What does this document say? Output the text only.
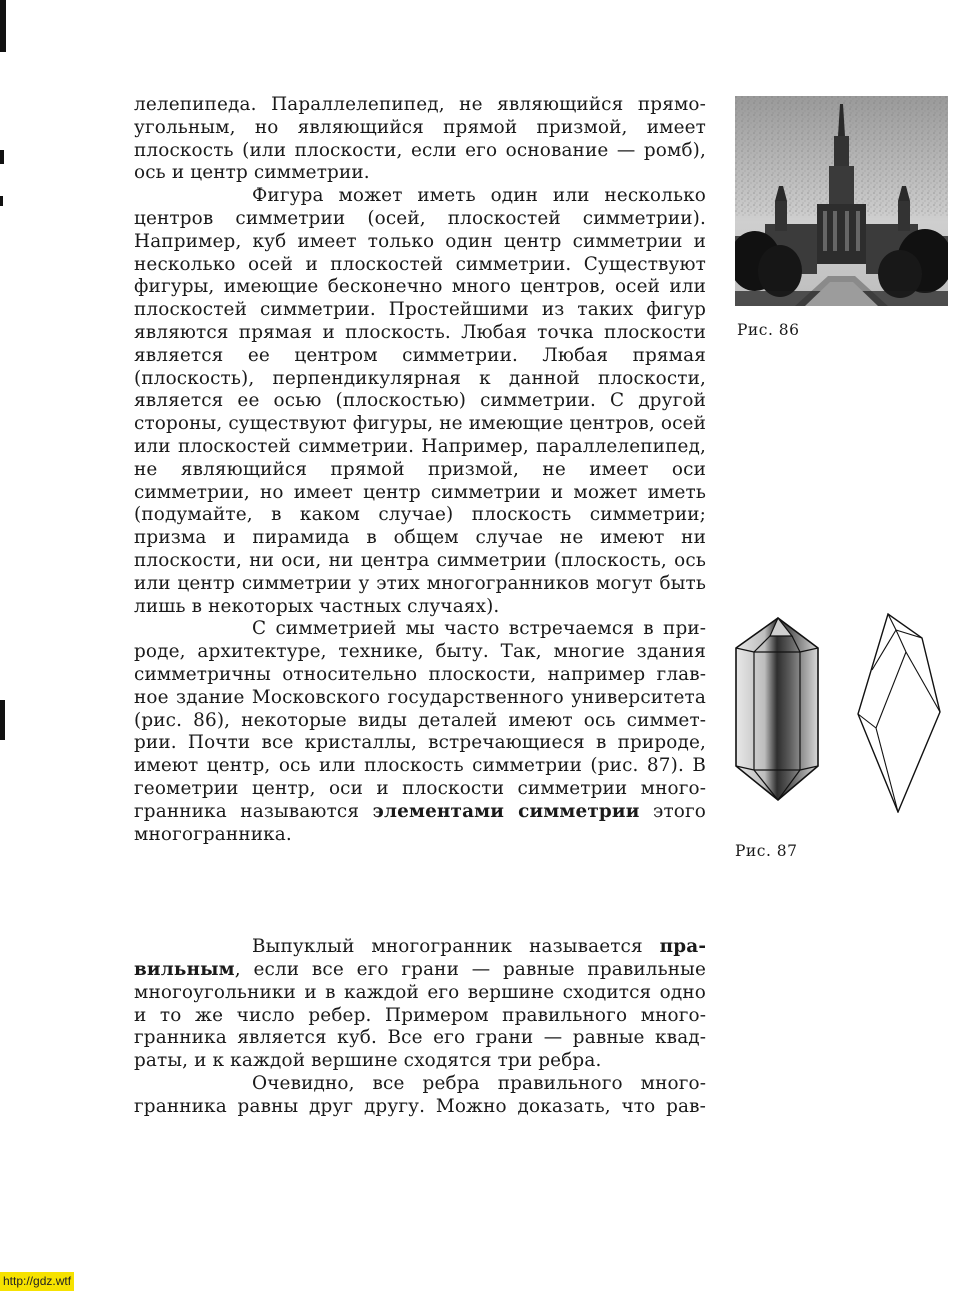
лелепипеда. Параллелепипед, не являющийся прямо-
угольным, но являющийся прямой призмой, имеет
плоскость (или плоскости, если его основание — ромб),
ось и центр симметрии.

Фигура может иметь один или несколько центров симметрии (осей, плоскостей симметрии). Например, куб имеет только один центр симметрии и несколько осей и плоскостей симметрии. Существуют фигуры, имеющие бесконечно много центров, осей или плоскостей симметрии. Простейшими из таких фигур являются прямая и плоскость. Любая точка плоскости является ее центром симметрии. Любая прямая (плоскость), перпендикулярная к данной плоскости, является ее осью (плоскостью) симметрии. С другой стороны, существуют фигуры, не имеющие центров, осей или плоскостей симметрии. Например, параллелепипед, не являющийся прямой призмой, не имеет оси симметрии, но имеет центр симметрии и может иметь (подумайте, в каком случае) плоскость симметрии; призма и пирамида в общем случае не имеют ни плоскости, ни оси, ни центра симметрии (плоскость, ось или центр симметрии у этих многогранников могут быть лишь в некоторых частных случаях).

С симметрией мы часто встречаемся в природе, архитектуре, технике, быту. Так, многие здания симметричны относительно плоскости, например главное здание Московского государственного университета (рис. 86), некоторые виды деталей имеют ось симметрии. Почти все кристаллы, встречающиеся в природе, имеют центр, ось или плоскость симметрии (рис. 87). В геометрии центр, оси и плоскости симметрии многогранника называются элементами симметрии этого многогранника.

Выпуклый многогранник называется правильным, если все его грани — равные правильные многоугольники и в каждой его вершине сходится одно и то же число ребер. Примером правильного многогранника является куб. Все его грани — равные квадраты, и к каждой вершине сходятся три ребра.

Очевидно, все ребра правильного многогранника равны друг другу. Можно доказать, что рав-

Рис. 86
Рис. 87
http://gdz.wtf
